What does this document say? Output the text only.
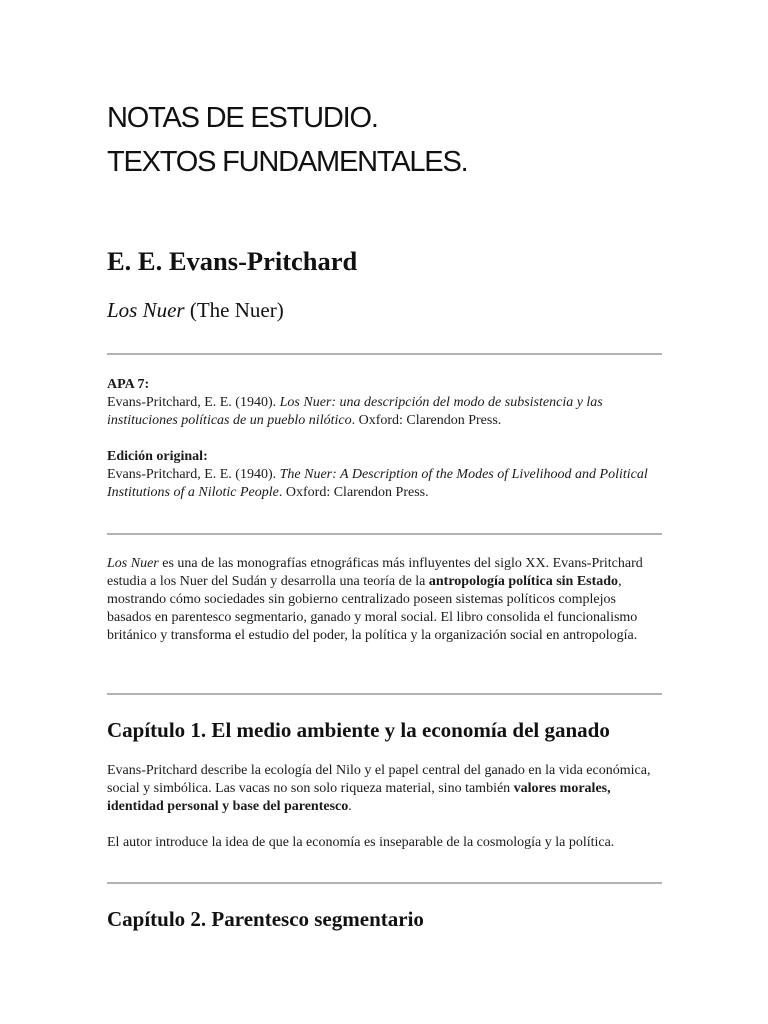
NOTAS DE ESTUDIO.
TEXTOS FUNDAMENTALES.
E. E. Evans-Pritchard
Los Nuer (The Nuer)
APA 7:
Evans-Pritchard, E. E. (1940). Los Nuer: una descripción del modo de subsistencia y las instituciones políticas de un pueblo nilótico. Oxford: Clarendon Press.
Edición original:
Evans-Pritchard, E. E. (1940). The Nuer: A Description of the Modes of Livelihood and Political Institutions of a Nilotic People. Oxford: Clarendon Press.

Los Nuer es una de las monografías etnográficas más influyentes del siglo XX. Evans-Pritchard estudia a los Nuer del Sudán y desarrolla una teoría de la antropología política sin Estado, mostrando cómo sociedades sin gobierno centralizado poseen sistemas políticos complejos basados en parentesco segmentario, ganado y moral social. El libro consolida el funcionalismo británico y transforma el estudio del poder, la política y la organización social en antropología.

Capítulo 1. El medio ambiente y la economía del ganado

Evans-Pritchard describe la ecología del Nilo y el papel central del ganado en la vida económica, social y simbólica. Las vacas no son solo riqueza material, sino también valores morales, identidad personal y base del parentesco.

El autor introduce la idea de que la economía es inseparable de la cosmología y la política.

Capítulo 2. Parentesco segmentario
